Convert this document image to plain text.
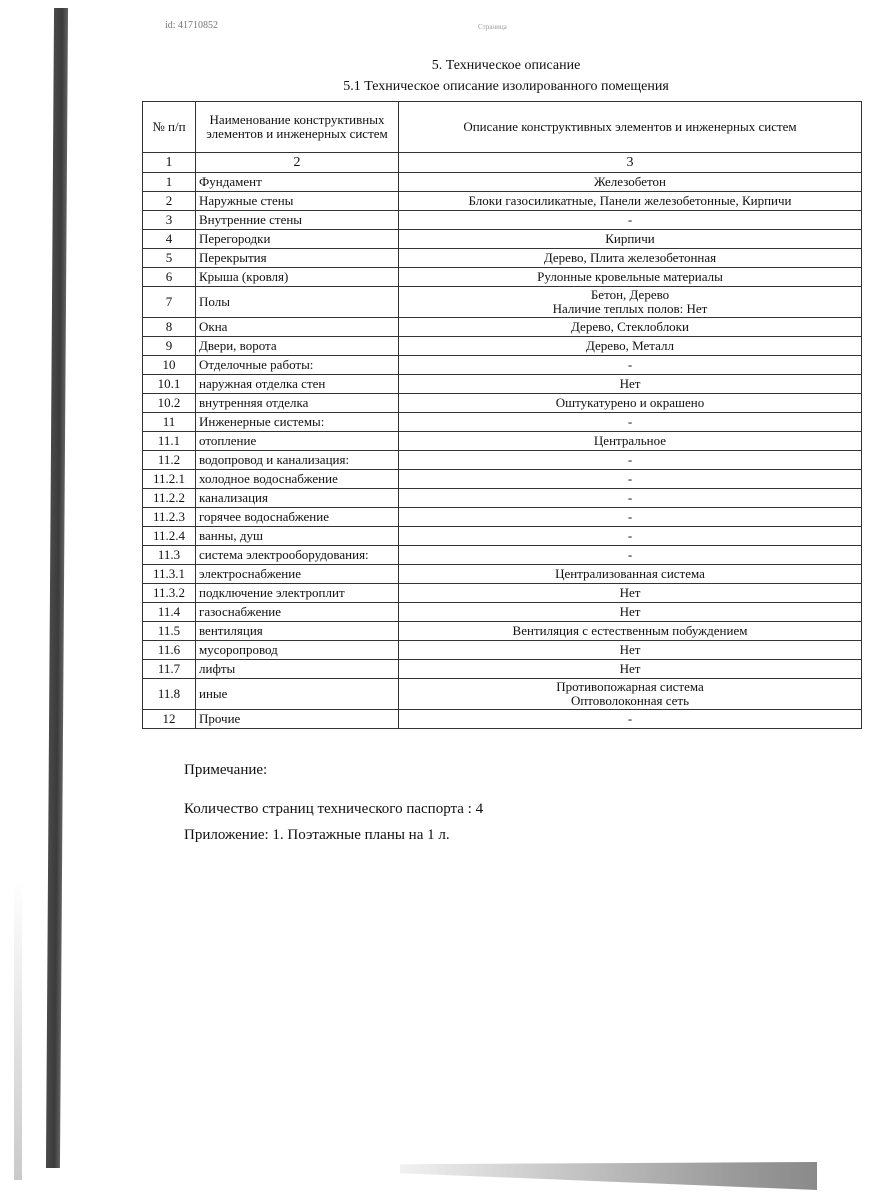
id: 41710852	Страница
5. Техническое описание
5.1 Техническое описание изолированного помещения
№ п/п	Наименование конструктивных элементов и инженерных систем	Описание конструктивных элементов и инженерных систем
1	2	3
1	Фундамент	Железобетон

2	Наружные стены	Блоки газосиликатные, Панели железобетонные, Кирпичи

3	Внутренние стены	-

4	Перегородки	Кирпичи

5	Перекрытия	Дерево, Плита железобетонная

6	Крыша (кровля)	Рулонные кровельные материалы

7	Полы	Бетон, Дерево
Наличие теплых полов: Нет

8	Окна	Дерево, Стеклоблоки

9	Двери, ворота	Дерево, Металл

10	Отделочные работы:	-

10.1	наружная отделка стен	Нет

10.2	внутренняя отделка	Оштукатурено и окрашено

11	Инженерные системы:	-

11.1	отопление	Центральное

11.2	водопровод и канализация:	-

11.2.1	холодное водоснабжение	-

11.2.2	канализация	-

11.2.3	горячее водоснабжение	-

11.2.4	ванны, душ	-

11.3	система электрооборудования:	-

11.3.1	электроснабжение	Централизованная система

11.3.2	подключение электроплит	Нет

11.4	газоснабжение	Нет

11.5	вентиляция	Вентиляция с естественным побуждением

11.6	мусоропровод	Нет

11.7	лифты	Нет

11.8	иные	Противопожарная система
Оптоволоконная сеть

12	Прочие	-
Примечание:
Количество страниц технического паспорта : 4
Приложение: 1. Поэтажные планы на 1 л.
